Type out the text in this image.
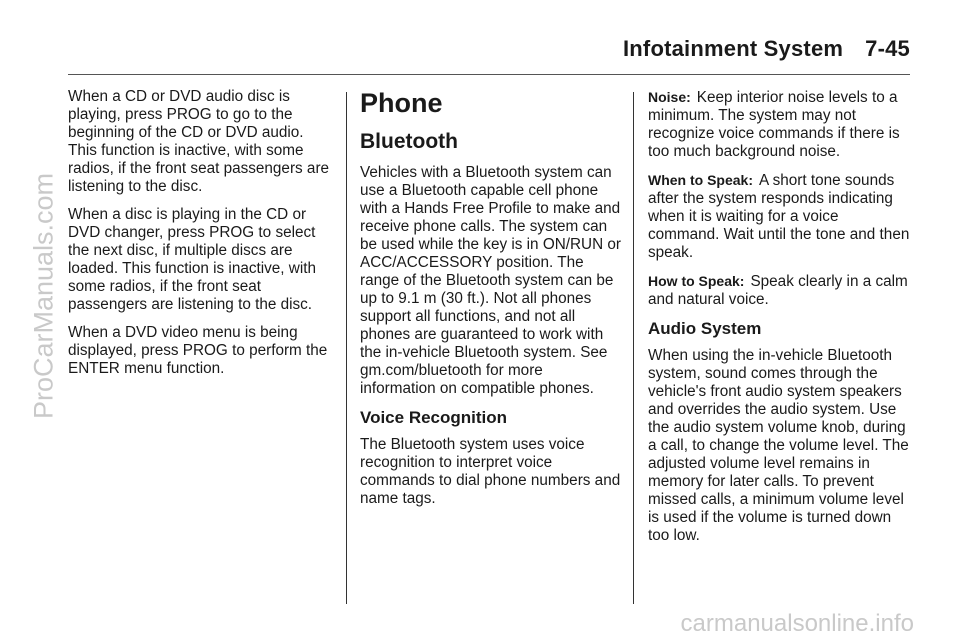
Infotainment System 7-45

When a CD or DVD audio disc is playing, press PROG to go to the beginning of the CD or DVD audio. This function is inactive, with some radios, if the front seat passengers are listening to the disc.

When a disc is playing in the CD or DVD changer, press PROG to select the next disc, if multiple discs are loaded. This function is inactive, with some radios, if the front seat passengers are listening to the disc.

When a DVD video menu is being displayed, press PROG to perform the ENTER menu function.

Phone
Bluetooth

Vehicles with a Bluetooth system can use a Bluetooth capable cell phone with a Hands Free Profile to make and receive phone calls. The system can be used while the key is in ON/RUN or ACC/ACCESSORY position. The range of the Bluetooth system can be up to 9.1 m (30 ft.). Not all phones support all functions, and not all phones are guaranteed to work with the in-vehicle Bluetooth system. See gm.com/bluetooth for more information on compatible phones.

Voice Recognition

The Bluetooth system uses voice recognition to interpret voice commands to dial phone numbers and name tags.

Noise: Keep interior noise levels to a minimum. The system may not recognize voice commands if there is too much background noise.

When to Speak: A short tone sounds after the system responds indicating when it is waiting for a voice command. Wait until the tone and then speak.

How to Speak: Speak clearly in a calm and natural voice.

Audio System

When using the in-vehicle Bluetooth system, sound comes through the vehicle's front audio system speakers and overrides the audio system. Use the audio system volume knob, during a call, to change the volume level. The adjusted volume level remains in memory for later calls. To prevent missed calls, a minimum volume level is used if the volume is turned down too low.

ProCarManuals.com
carmanualsonline.info
